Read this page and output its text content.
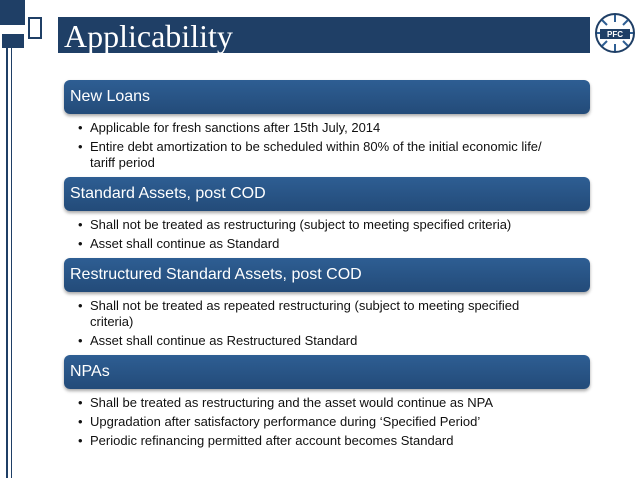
Applicability	PFC
New Loans
• Applicable for fresh sanctions after 15th July, 2014
• Entire debt amortization to be scheduled within 80% of the initial economic life/ tariff period
Standard Assets, post COD
• Shall not be treated as restructuring (subject to meeting specified criteria)
• Asset shall continue as Standard
Restructured Standard Assets, post COD
• Shall not be treated as repeated restructuring (subject to meeting specified criteria)
• Asset shall continue as Restructured Standard
NPAs
• Shall be treated as restructuring and the asset would continue as NPA
• Upgradation after satisfactory performance during ‘Specified Period’
• Periodic refinancing permitted after account becomes Standard
